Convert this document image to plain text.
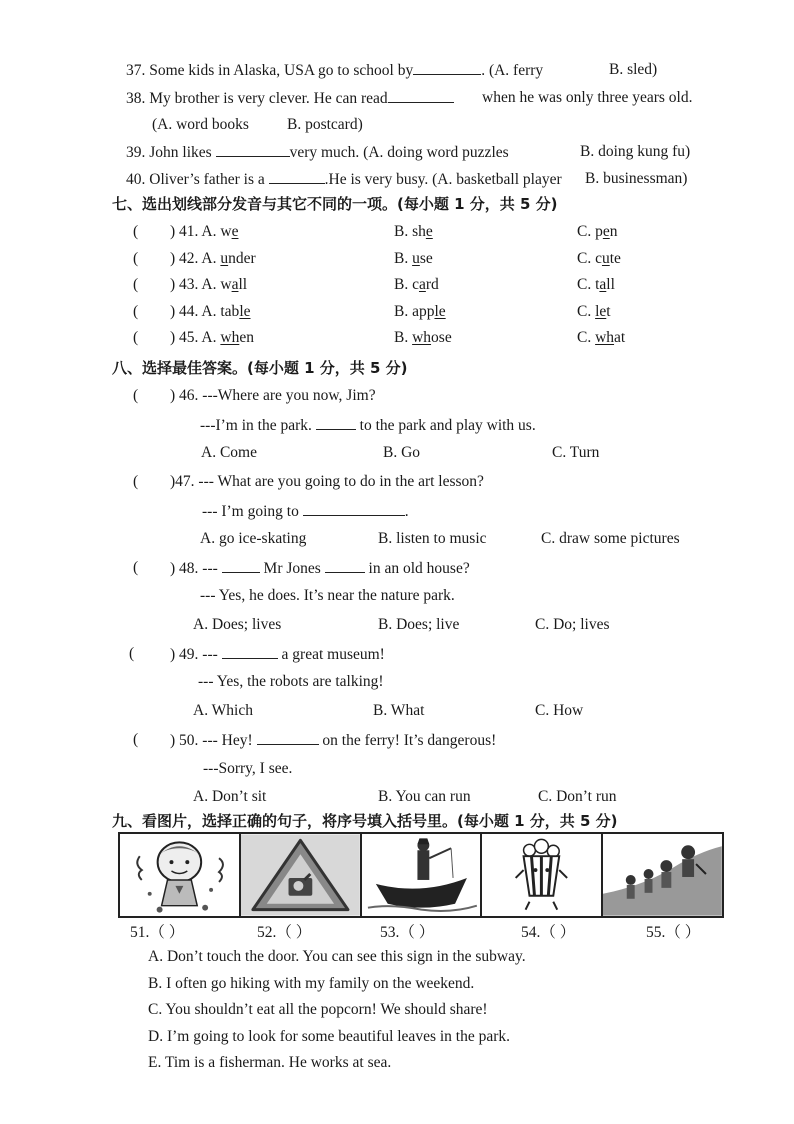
37. Some kids in Alaska, USA go to school by	. (A. ferry	B. sled)
38. My brother is very clever. He can read	when he was only three years old.
(A. word books B. postcard)
39. John likes	very much. (A. doing word puzzles	B. doing kung fu)
40. Oliver’s father is a	.He is very busy. (A. basketball player B. businessman)
七、选出划线部分发音与其它不同的一项。(每小题 1 分，共 5 分)
( ) 41. A. we	B. she	C. pen
( ) 42. A. under	B. use	C. cute
( ) 43. A. wall	B. card	C. tall
( ) 44. A. table	B. apple	C. let
( ) 45. A. when	B. whose	C. what
八、选择最佳答案。(每小题 1 分，共 5 分)
( ) 46. ---Where are you now, Jim?
---I’m in the park.	to the park and play with us.
A. Come	B. Go	C. Turn
( )47. --- What are you going to do in the art lesson?
--- I’m going to	.
A. go ice-skating	B. listen to music	C. draw some pictures
( ) 48. ---	Mr Jones	in an old house?
--- Yes, he does. It’s near the nature park.
A. Does; lives	B. Does; live	C. Do; lives
( ) 49. ---	a great museum!
--- Yes, the robots are talking!
A. Which	B. What	C. How
( ) 50. --- Hey!	on the ferry! It’s dangerous!
---Sorry, I see.
A. Don’t sit	B. You can run	C. Don’t run
九、看图片，选择正确的句子，将序号填入括号里。(每小题 1 分，共 5 分)
51.（ ）	52.（ ）	53.（ ）	54.（ ）	55.（ ）
A. Don’t touch the door. You can see this sign in the subway.
B. I often go hiking with my family on the weekend.
C. You shouldn’t eat all the popcorn! We should share!
D. I’m going to look for some beautiful leaves in the park.
E. Tim is a fisherman. He works at sea.
